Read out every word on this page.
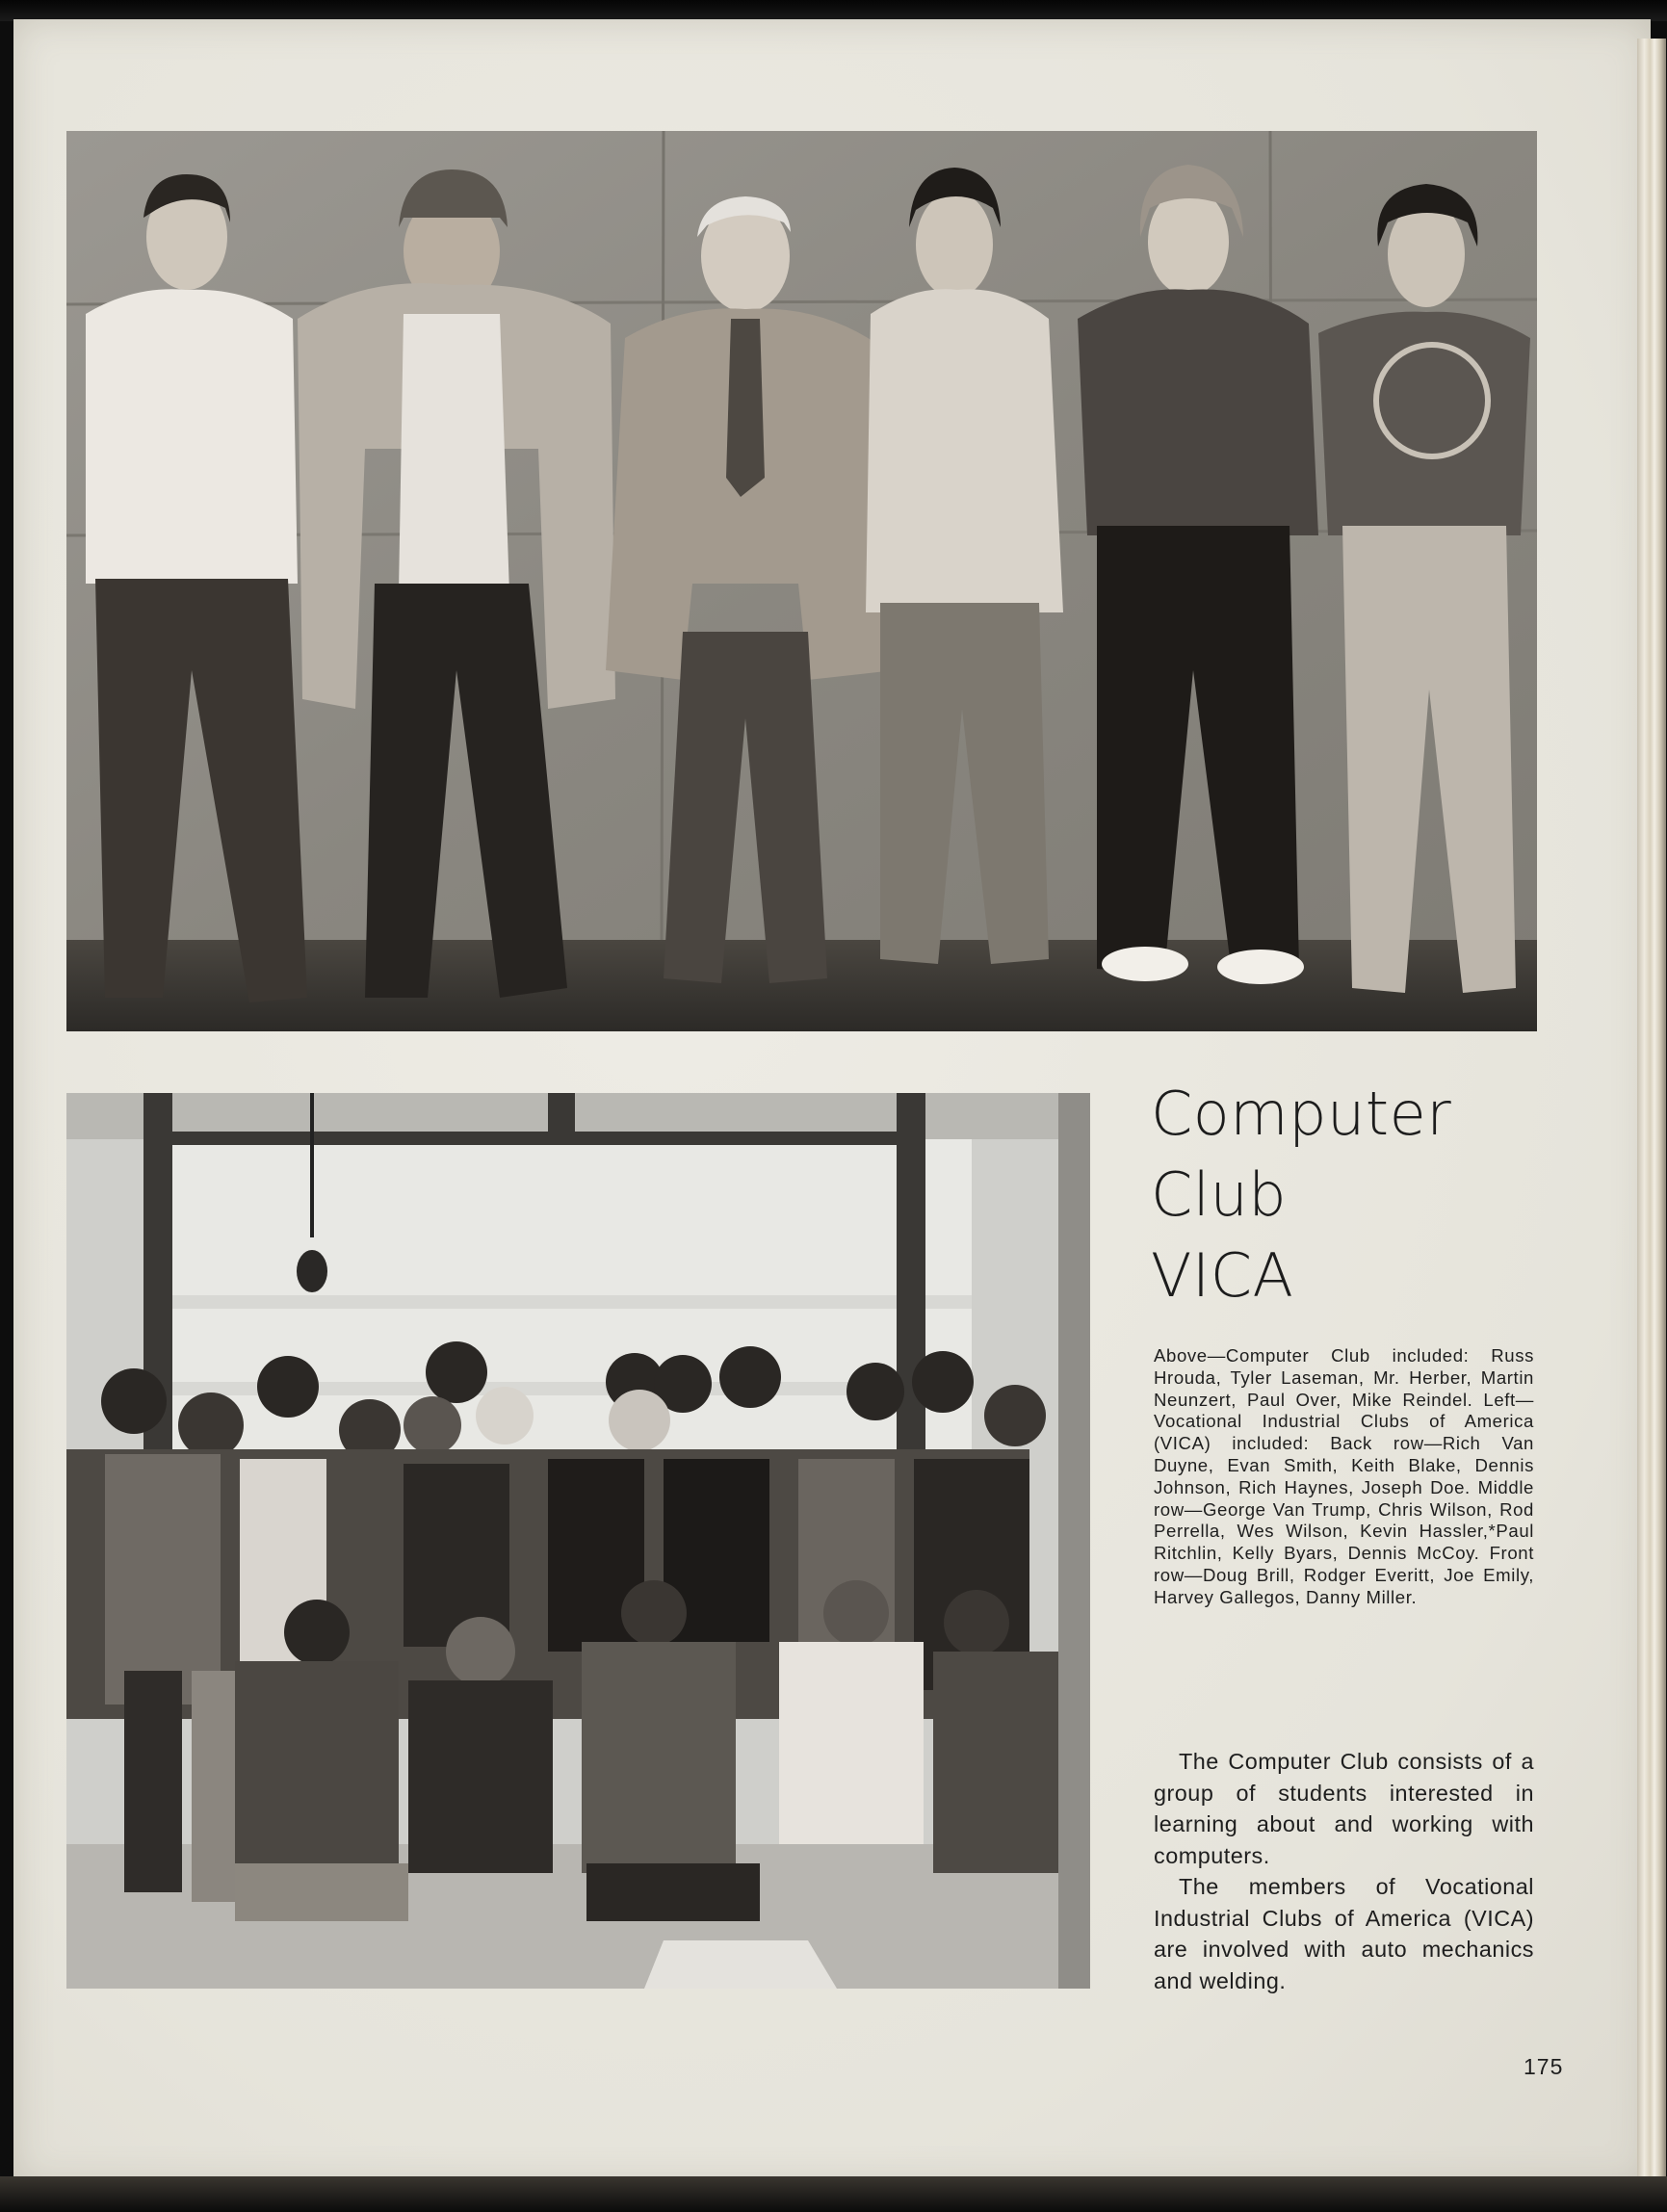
Computer
Club
VICA
Above—Computer Club included: Russ Hrouda, Tyler Laseman, Mr. Herber, Martin Neunzert, Paul Over, Mike Reindel. Left—Vocational Industrial Clubs of America (VICA) included: Back row—Rich Van Duyne, Evan Smith, Keith Blake, Dennis Johnson, Rich Haynes, Joseph Doe. Middle row—George Van Trump, Chris Wilson, Rod Perrella, Wes Wilson, Kevin Hassler,*Paul Ritchlin, Kelly Byars, Dennis McCoy. Front row—Doug Brill, Rodger Everitt, Joe Emily, Harvey Gallegos, Danny Miller.

The Computer Club consists of a group of students interested in learning about and working with computers.

The members of Vocational Industrial Clubs of America (VICA) are involved with auto mechanics and welding.

175
